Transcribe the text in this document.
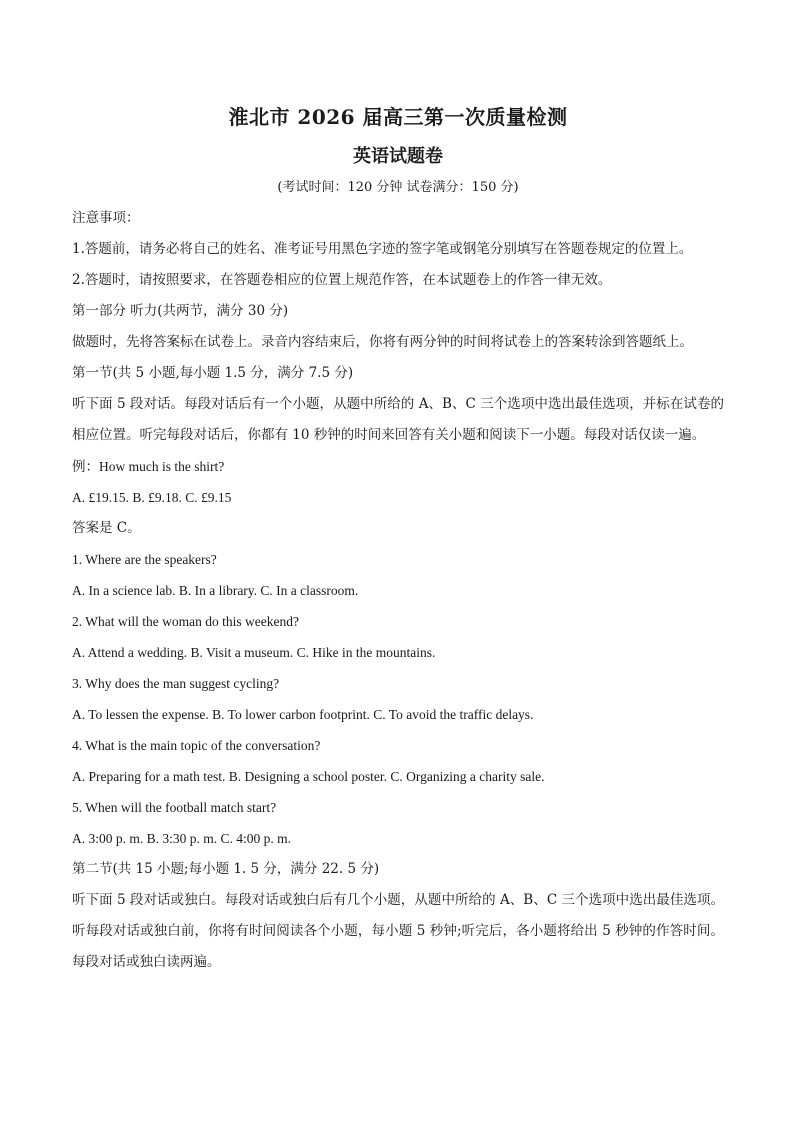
淮北市 2026 届高三第一次质量检测
英语试题卷

(考试时间：120 分钟 试卷满分：150 分)

注意事项：

1.答题前，请务必将自己的姓名、准考证号用黑色字迹的签字笔或钢笔分别填写在答题卷规定的位置上。

2.答题时，请按照要求，在答题卷相应的位置上规范作答，在本试题卷上的作答一律无效。

第一部分 听力(共两节，满分 30 分)

做题时，先将答案标在试卷上。录音内容结束后，你将有两分钟的时间将试卷上的答案转涂到答题纸上。

第一节(共 5 小题,每小题 1.5 分，满分 7.5 分)

听下面 5 段对话。每段对话后有一个小题，从题中所给的 A、B、C 三个选项中选出最佳选项，并标在试卷的相应位置。听完每段对话后，你都有 10 秒钟的时间来回答有关小题和阅读下一小题。每段对话仅读一遍。

例：How much is the shirt?

A. £19.15. B. £9.18. C. £9.15

答案是 C。

1. Where are the speakers?

A. In a science lab. B. In a library. C. In a classroom.

2. What will the woman do this weekend?

A. Attend a wedding. B. Visit a museum. C. Hike in the mountains.

3. Why does the man suggest cycling?

A. To lessen the expense. B. To lower carbon footprint. C. To avoid the traffic delays.

4. What is the main topic of the conversation?

A. Preparing for a math test. B. Designing a school poster. C. Organizing a charity sale.

5. When will the football match start?

A. 3:00 p. m. B. 3:30 p. m. C. 4:00 p. m.

第二节(共 15 小题;每小题 1. 5 分，满分 22. 5 分)

听下面 5 段对话或独白。每段对话或独白后有几个小题，从题中所给的 A、B、C 三个选项中选出最佳选项。听每段对话或独白前，你将有时间阅读各个小题，每小题 5 秒钟;听完后，各小题将给出 5 秒钟的作答时间。每段对话或独白读两遍。
